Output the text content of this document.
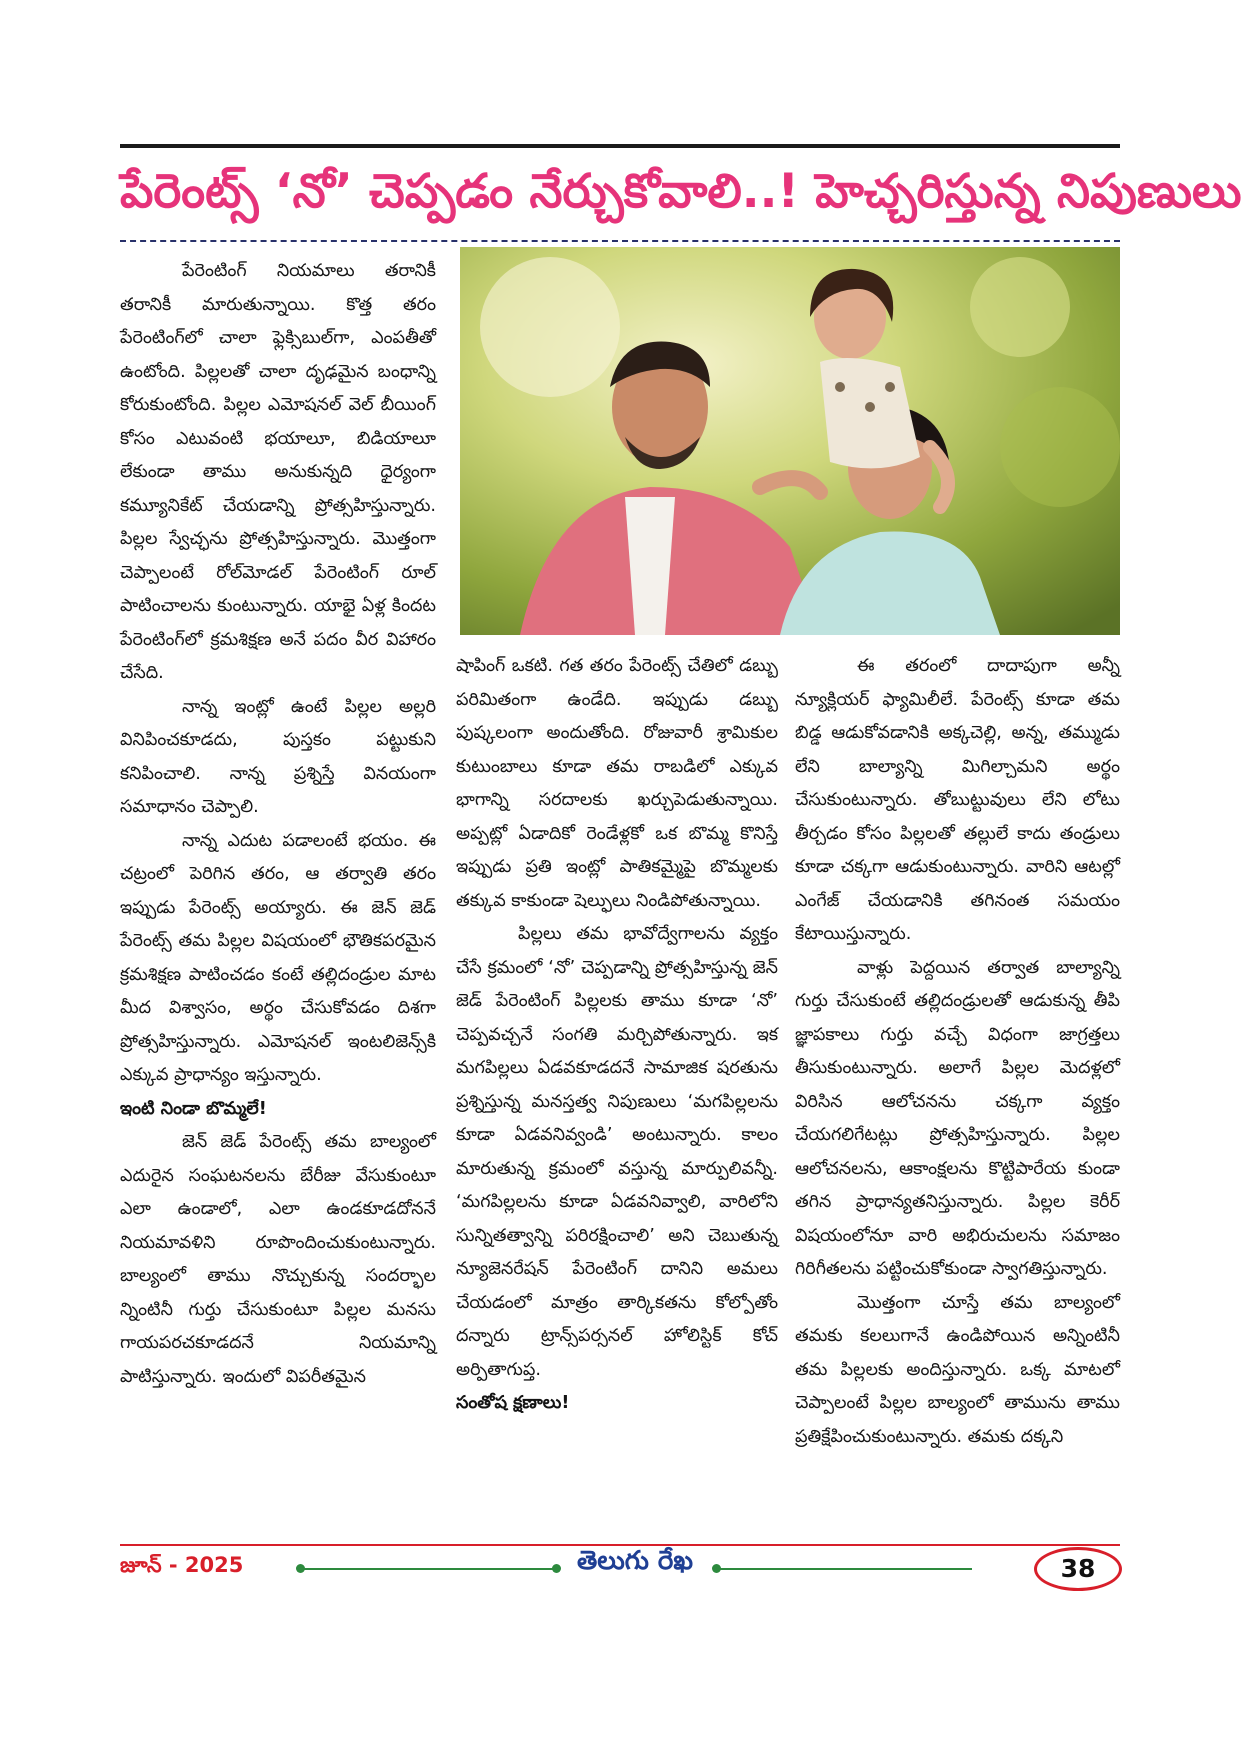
పేరెంట్స్ ‘నో’ చెప్పడం నేర్చుకోవాలి..! హెచ్చరిస్తున్న నిపుణులు

పేరెంటింగ్ నియమాలు తరానికీ తరానికీ మారుతున్నాయి. కొత్త తరం పేరెంటింగ్‌లో చాలా ఫ్లెక్సిబుల్‌గా, ఎంప‌తీతో ఉంటోంది. పిల్లలతో చాలా దృఢమైన బంధాన్ని కోరుకుంటోంది. పిల్లల ఎమోషనల్ వెల్ బీయింగ్ కోసం ఎటువంటి భయాలూ, బిడియాలూ లేకుండా తాము అనుకున్నది ధైర్యంగా కమ్యూనికేట్ చేయడాన్ని ప్రోత్సహిస్తున్నారు. పిల్లల స్వేచ్ఛను ప్రోత్సహిస్తున్నారు. మొత్తంగా చెప్పాలంటే రోల్‌మోడల్ పేరెంటింగ్ రూల్ పాటించాలను కుంటున్నారు. యాభై ఏళ్ల కిందట పేరెంటింగ్‌లో క్రమశిక్షణ అనే పదం వీర విహారం చేసేది.

నాన్న ఇంట్లో ఉంటే పిల్లల అల్లరి వినిపించకూడదు, పుస్తకం పట్టుకుని కనిపించాలి. నాన్న ప్రశ్నిస్తే వినయంగా సమాధానం చెప్పాలి.

నాన్న ఎదుట పడాలంటే భయం. ఈ చట్రంలో పెరిగిన తరం, ఆ తర్వాతి తరం ఇప్పుడు పేరెంట్స్ అయ్యారు. ఈ జెన్ జెడ్ పేరెంట్స్ తమ పిల్లల విషయంలో భౌతికపరమైన క్రమశిక్షణ పాటించడం కంటే తల్లిదండ్రుల మాట మీద విశ్వాసం, అర్థం చేసుకోవడం దిశగా ప్రోత్సహిస్తున్నారు. ఎమోషనల్ ఇంటలిజెన్స్‌కి ఎక్కువ ప్రాధాన్యం ఇస్తున్నారు.

ఇంటి నిండా బొమ్మలే!

జెన్ జెడ్ పేరెంట్స్ తమ బాల్యంలో ఎదురైన సంఘటనలను బేరీజు వేసుకుంటూ ఎలా ఉండాలో, ఎలా ఉండకూడదోననే నియమావళిని రూపొందించుకుంటున్నారు. బాల్యంలో తాము నొచ్చుకున్న సందర్భాల న్నింటినీ గుర్తు చేసుకుంటూ పిల్లల మనసు గాయపరచకూడదనే నియమాన్ని పాటిస్తున్నారు. ఇందులో విపరీతమైన

షాపింగ్ ఒకటి. గత తరం పేరెంట్స్ చేతిలో డబ్బు పరిమితంగా ఉండేది. ఇప్పుడు డబ్బు పుష్కలంగా అందుతోంది. రోజువారీ శ్రామికుల కుటుంబాలు కూడా తమ రాబడిలో ఎక్కువ భాగాన్ని సరదాలకు ఖర్చుపెడుతున్నాయి. అప్పట్లో ఏడాదికో రెండేళ్లకో ఒక బొమ్మ కొనిస్తే ఇప్పుడు ప్రతి ఇంట్లో పాతికమ్మైపై బొమ్మలకు తక్కువ కాకుండా షెల్ఫులు నిండిపోతున్నాయి.

పిల్లలు తమ భావోద్వేగాలను వ్యక్తం చేసే క్రమంలో ‘నో’ చెప్పడాన్ని ప్రోత్సహిస్తున్న జెన్ జెడ్ పేరెంటింగ్ పిల్లలకు తాము కూడా ‘నో’ చెప్పవచ్చనే సంగతి మర్చిపోతున్నారు. ఇక మగపిల్లలు ఏడవకూడదనే సామాజిక షరతును ప్రశ్నిస్తున్న మనస్తత్వ నిపుణులు ‘మగపిల్లలను కూడా ఏడవనివ్వండి’ అంటున్నారు. కాలం మారుతున్న క్రమంలో వస్తున్న మార్పులివన్నీ. ‘మగపిల్లలను కూడా ఏడవనివ్వాలి, వారిలోని సున్నితత్వాన్ని పరిరక్షించాలి’ అని చెబుతున్న న్యూజెనరేషన్ పేరెంటింగ్ దానిని అమలు చేయడంలో మాత్రం తార్కికతను కోల్పోతోం దన్నారు ట్రాన్స్‌పర్సనల్ హోలిస్టిక్ కోచ్ అర్పితాగుప్త.

సంతోష క్షణాలు!

ఈ తరంలో దాదాపుగా అన్నీ న్యూక్లియర్ ఫ్యామిలీలే. పేరెంట్స్ కూడా తమ బిడ్డ ఆడుకోవడానికి అక్కచెల్లి, అన్న, తమ్ముడు లేని బాల్యాన్ని మిగిల్చామని అర్థం చేసుకుంటున్నారు. తోబుట్టువులు లేని లోటు తీర్చడం కోసం పిల్లలతో తల్లులే కాదు తండ్రులు కూడా చక్కగా ఆడుకుంటున్నారు. వారిని ఆటల్లో ఎంగేజ్ చేయడానికి తగినంత సమయం కేటాయిస్తున్నారు.

వాళ్లు పెద్దయిన తర్వాత బాల్యాన్ని గుర్తు చేసుకుంటే తల్లిదండ్రులతో ఆడుకున్న తీపి జ్ఞాపకాలు గుర్తు వచ్చే విధంగా జాగ్రత్తలు తీసుకుంటున్నారు. అలాగే పిల్లల మెదళ్లలో విరిసిన ఆలోచనను చక్కగా వ్యక్తం చేయగలిగేటట్లు ప్రోత్సహిస్తున్నారు. పిల్లల ఆలోచనలను, ఆకాంక్షలను కొట్టిపారేయ కుండా తగిన ప్రాధాన్యతనిస్తున్నారు. పిల్లల కెరీర్ విషయంలోనూ వారి అభిరుచులను సమాజం గిరిగీతలను పట్టించుకోకుండా స్వాగతిస్తున్నారు.

మొత్తంగా చూస్తే తమ బాల్యంలో తమకు కలలుగానే ఉండిపోయిన అన్నింటినీ తమ పిల్లలకు అందిస్తున్నారు. ఒక్క మాటలో చెప్పాలంటే పిల్లల బాల్యంలో తామును తాము ప్రతిక్షేపించుకుంటున్నారు. తమకు దక్కని

జూన్ - 2025	తెలుగు రేఖ	38
